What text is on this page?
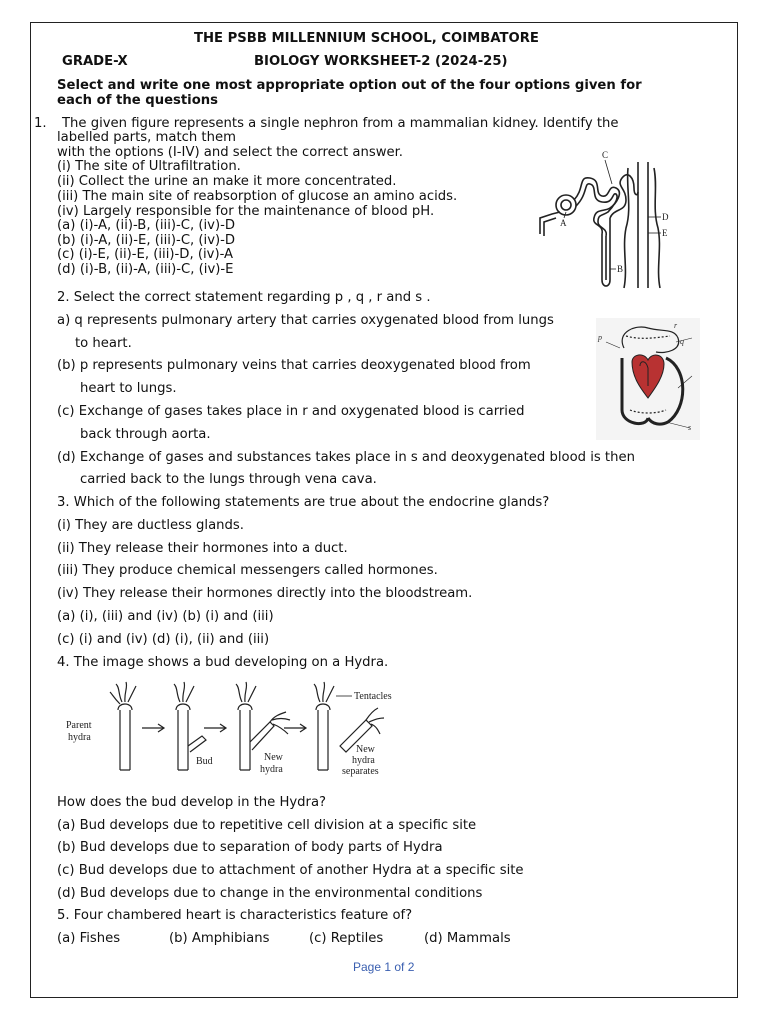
THE PSBB MILLENNIUM SCHOOL, COIMBATORE
GRADE-X	BIOLOGY WORKSHEET-2 (2024-25)
Select and write one most appropriate option out of the four options given for
each of the questions
1. The given figure represents a single nephron from a mammalian kidney. Identify the
labelled parts, match them
with the options (I-IV) and select the correct answer.
(i) The site of Ultrafiltration.
(ii) Collect the urine an make it more concentrated.
(iii) The main site of reabsorption of glucose an amino acids.
(iv) Largely responsible for the maintenance of blood pH.
(a) (i)-A, (ii)-B, (iii)-C, (iv)-D
(b) (i)-A, (ii)-E, (iii)-C, (iv)-D
(c) (i)-E, (ii)-E, (iii)-D, (iv)-A
(d) (i)-B, (ii)-A, (iii)-C, (iv)-E
C
A
B
D
E
2. Select the correct statement regarding p , q , r and s .
a) q represents pulmonary artery that carries oxygenated blood from lungs
to heart.
(b) p represents pulmonary veins that carries deoxygenated blood from
heart to lungs.
(c) Exchange of gases takes place in r and oxygenated blood is carried
back through aorta.
(d) Exchange of gases and substances takes place in s and deoxygenated blood is then
carried back to the lungs through vena cava.
p	q
r
s
3. Which of the following statements are true about the endocrine glands?
(i) They are ductless glands.
(ii) They release their hormones into a duct.
(iii) They produce chemical messengers called hormones.
(iv) They release their hormones directly into the bloodstream.
(a) (i), (iii) and (iv) (b) (i) and (iii)
(c) (i) and (iv) (d) (i), (ii) and (iii)
4. The image shows a bud developing on a Hydra.
Parent
hydra
Bud	New
hydra
Tentacles
New
hydra
separates
How does the bud develop in the Hydra?
(a) Bud develops due to repetitive cell division at a specific site
(b) Bud develops due to separation of body parts of Hydra
(c) Bud develops due to attachment of another Hydra at a specific site
(d) Bud develops due to change in the environmental conditions
5. Four chambered heart is characteristics feature of?
(a) Fishes	(b) Amphibians	(c) Reptiles	(d) Mammals
Page 1 of 2
